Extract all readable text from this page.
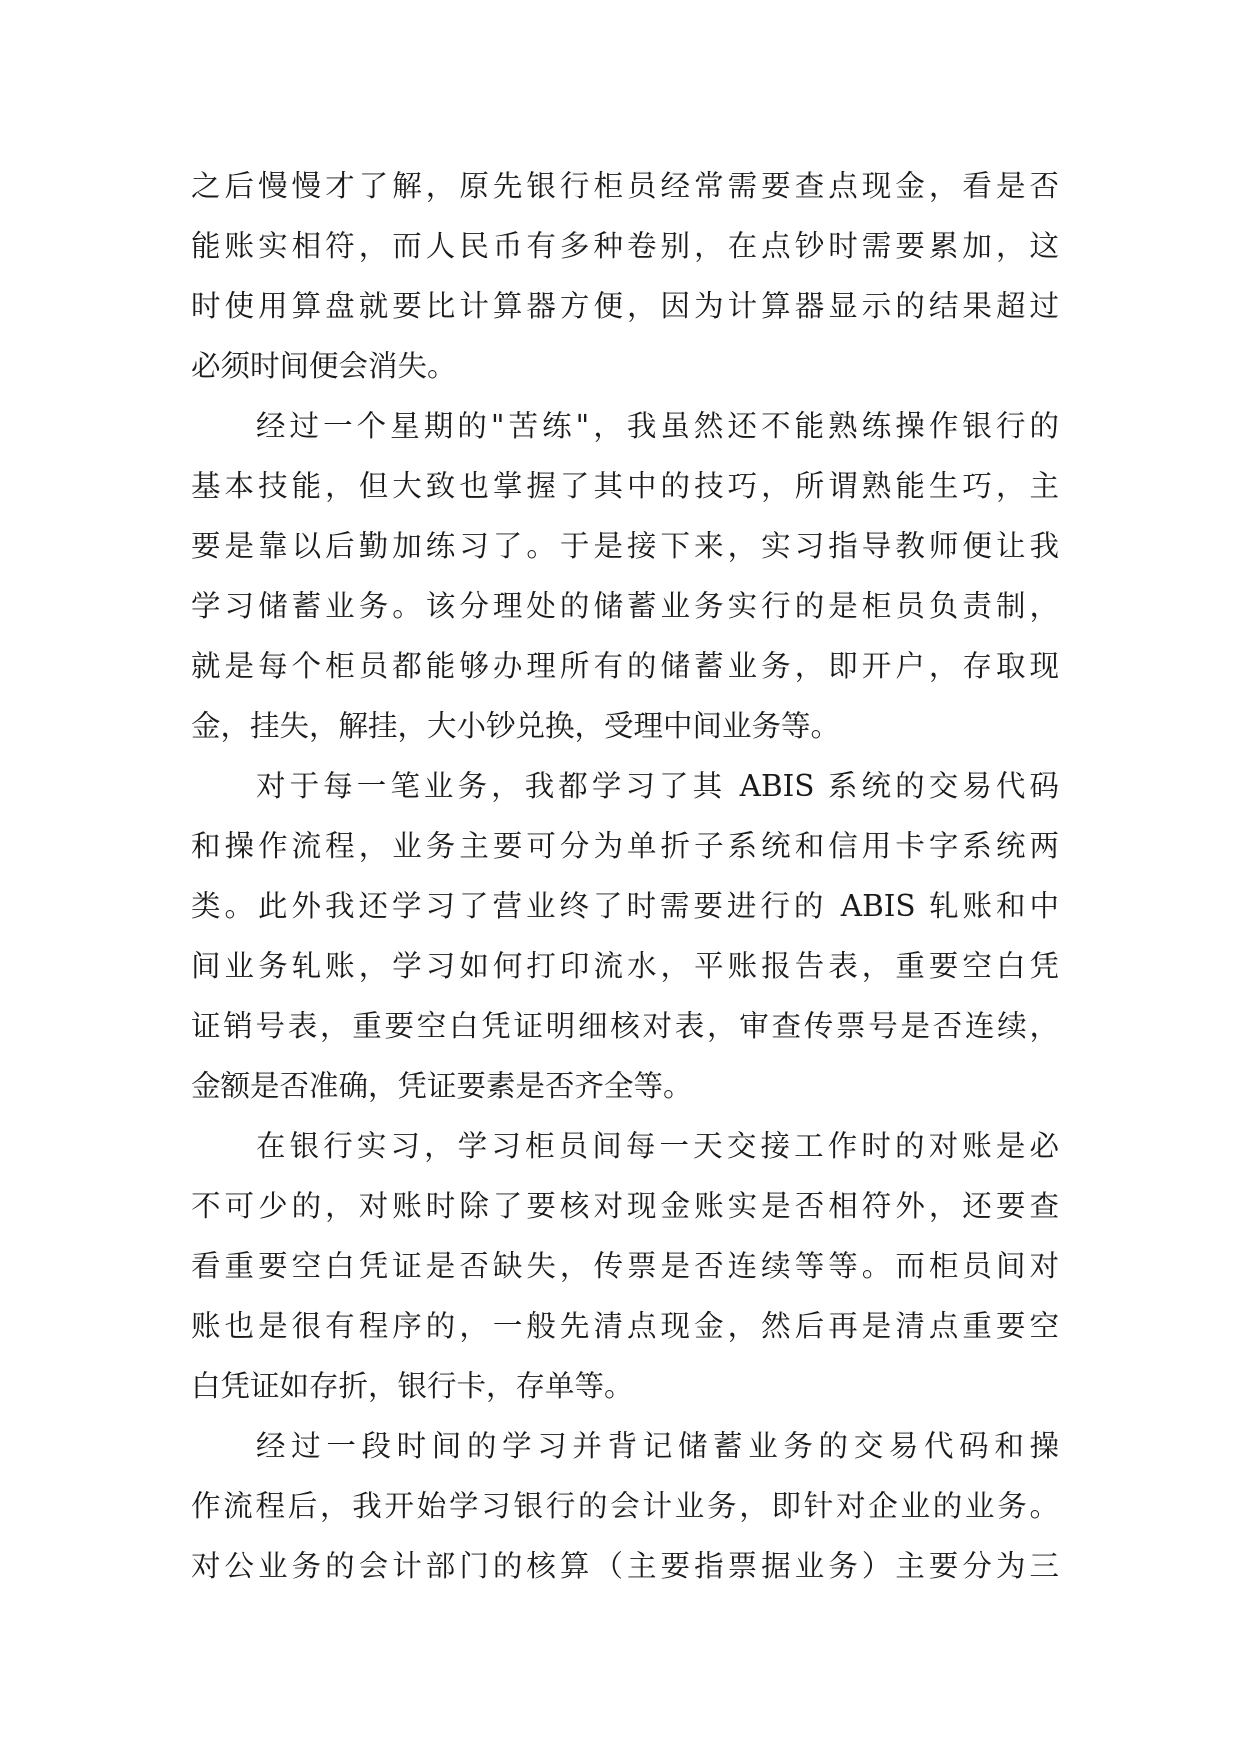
之后慢慢才了解，原先银行柜员经常需要查点现金，看是否
能账实相符，而人民币有多种卷别，在点钞时需要累加，这
时使用算盘就要比计算器方便，因为计算器显示的结果超过
必须时间便会消失。
经过一个星期的"苦练"，我虽然还不能熟练操作银行的
基本技能，但大致也掌握了其中的技巧，所谓熟能生巧，主
要是靠以后勤加练习了。于是接下来，实习指导教师便让我
学习储蓄业务。该分理处的储蓄业务实行的是柜员负责制，
就是每个柜员都能够办理所有的储蓄业务，即开户，存取现
金，挂失，解挂，大小钞兑换，受理中间业务等。
对于每一笔业务，我都学习了其 ABIS 系统的交易代码
和操作流程，业务主要可分为单折子系统和信用卡字系统两
类。此外我还学习了营业终了时需要进行的 ABIS 轧账和中
间业务轧账，学习如何打印流水，平账报告表，重要空白凭
证销号表，重要空白凭证明细核对表，审查传票号是否连续，
金额是否准确，凭证要素是否齐全等。
在银行实习，学习柜员间每一天交接工作时的对账是必
不可少的，对账时除了要核对现金账实是否相符外，还要查
看重要空白凭证是否缺失，传票是否连续等等。而柜员间对
账也是很有程序的，一般先清点现金，然后再是清点重要空
白凭证如存折，银行卡，存单等。
经过一段时间的学习并背记储蓄业务的交易代码和操
作流程后，我开始学习银行的会计业务，即针对企业的业务。
对公业务的会计部门的核算（主要指票据业务）主要分为三
